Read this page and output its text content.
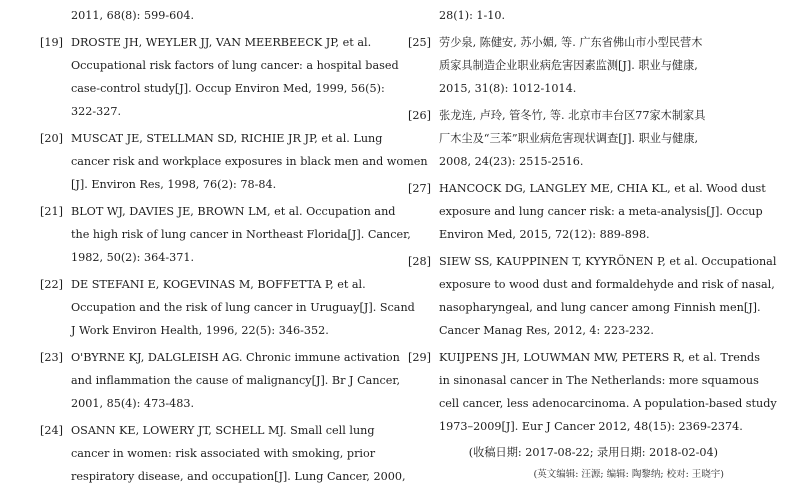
2011, 68(8): 599-604.
[19] DROSTE JH, WEYLER JJ, VAN MEERBEECK JP, et al.
Occupational risk factors of lung cancer: a hospital based
case-control study[J]. Occup Environ Med, 1999, 56(5):
322-327.
[20] MUSCAT JE, STELLMAN SD, RICHIE JR JP, et al. Lung
cancer risk and workplace exposures in black men and women
[J]. Environ Res, 1998, 76(2): 78-84.
[21] BLOT WJ, DAVIES JE, BROWN LM, et al. Occupation and
the high risk of lung cancer in Northeast Florida[J]. Cancer,
1982, 50(2): 364-371.
[22] DE STEFANI E, KOGEVINAS M, BOFFETTA P, et al.
Occupation and the risk of lung cancer in Uruguay[J]. Scand
J Work Environ Health, 1996, 22(5): 346-352.
[23] O'BYRNE KJ, DALGLEISH AG. Chronic immune activation
and inflammation the cause of malignancy[J]. Br J Cancer,
2001, 85(4): 473-483.
[24] OSANN KE, LOWERY JT, SCHELL MJ. Small cell lung
cancer in women: risk associated with smoking, prior
respiratory disease, and occupation[J]. Lung Cancer, 2000,
28(1): 1-10.
[25] 劳少泉, 陈健安, 苏小媚, 等. 广东省佛山市小型民营木
质家具制造企业职业病危害因素监测[J]. 职业与健康,
2015, 31(8): 1012-1014.
[26] 张龙连, 卢玲, 管冬竹, 等. 北京市丰台区77家木制家具
厂木尘及“三苯”职业病危害现状调查[J]. 职业与健康,
2008, 24(23): 2515-2516.
[27] HANCOCK DG, LANGLEY ME, CHIA KL, et al. Wood dust
exposure and lung cancer risk: a meta-analysis[J]. Occup
Environ Med, 2015, 72(12): 889-898.
[28] SIEW SS, KAUPPINEN T, KYYRÖNEN P, et al. Occupational
exposure to wood dust and formaldehyde and risk of nasal,
nasopharyngeal, and lung cancer among Finnish men[J].
Cancer Manag Res, 2012, 4: 223-232.
[29] KUIJPENS JH, LOUWMAN MW, PETERS R, et al. Trends
in sinonasal cancer in The Netherlands: more squamous
cell cancer, less adenocarcinoma. A population-based study
1973–2009[J]. Eur J Cancer 2012, 48(15): 2369-2374.
(收稿日期: 2017-08-22; 录用日期: 2018-02-04)
(英文编辑: 汪源; 编辑: 陶黎纳; 校对: 王晓宇)
